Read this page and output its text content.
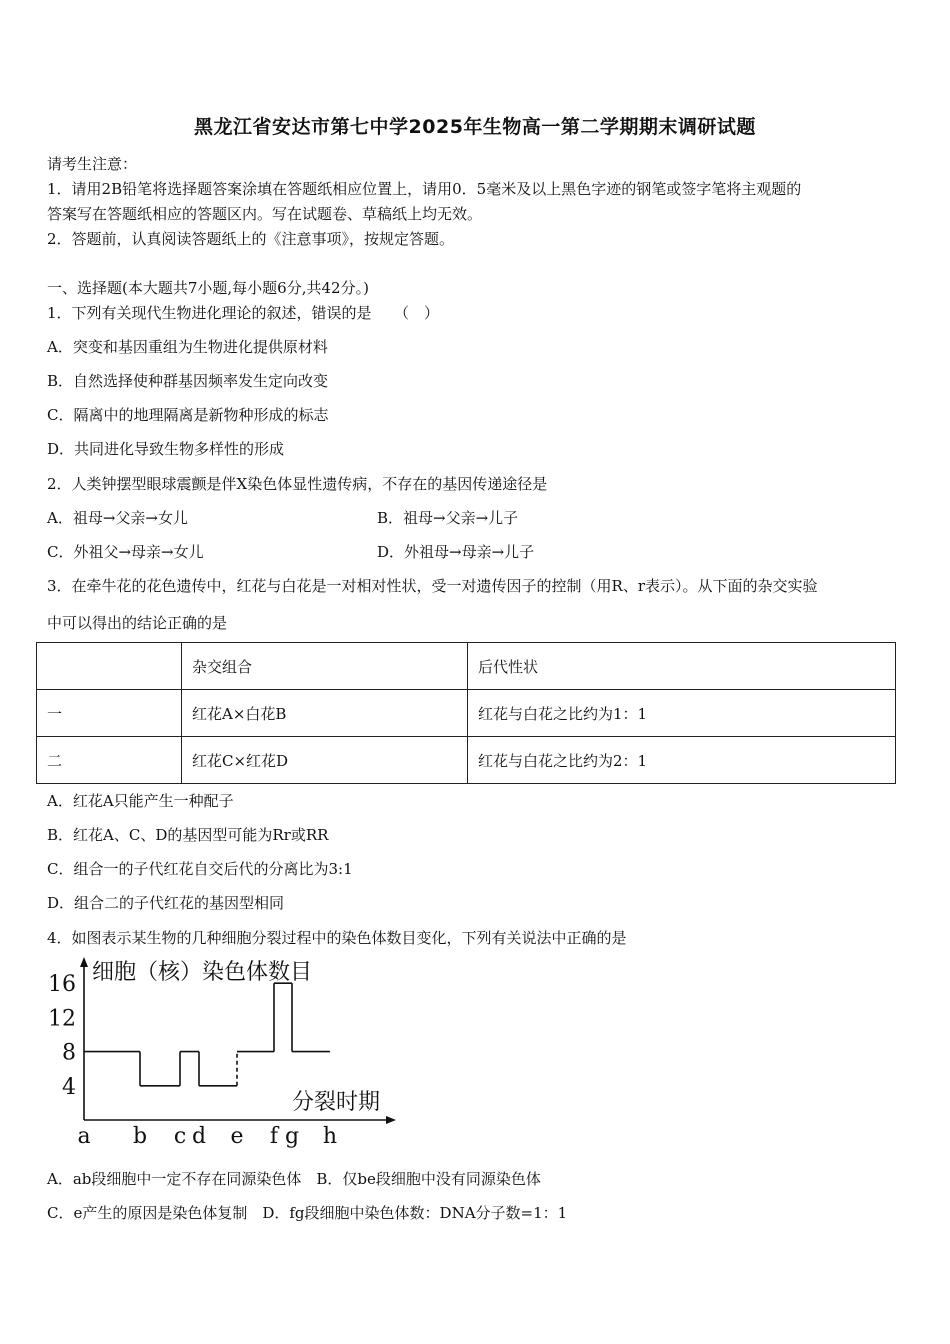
黑龙江省安达市第七中学2025年生物高一第二学期期末调研试题
请考生注意：
1．请用2B铅笔将选择题答案涂填在答题纸相应位置上，请用0．5毫米及以上黑色字迹的钢笔或签字笔将主观题的
答案写在答题纸相应的答题区内。写在试题卷、草稿纸上均无效。
2．答题前，认真阅读答题纸上的《注意事项》，按规定答题。
一、选择题(本大题共7小题,每小题6分,共42分。)
1．下列有关现代生物进化理论的叙述，错误的是　　（　）
A．突变和基因重组为生物进化提供原材料
B．自然选择使种群基因频率发生定向改变
C．隔离中的地理隔离是新物种形成的标志
D．共同进化导致生物多样性的形成
2．人类钟摆型眼球震颤是伴X染色体显性遗传病，不存在的基因传递途径是
A．祖母→父亲→女儿	B．祖母→父亲→儿子
C．外祖父→母亲→女儿	D．外祖母→母亲→儿子
3．在牵牛花的花色遗传中，红花与白花是一对相对性状，受一对遗传因子的控制（用R、r表示）。从下面的杂交实验
中可以得出的结论正确的是
	杂交组合	后代性状
一	红花A×白花B	红花与白花之比约为1：1
二	红花C×红花D	红花与白花之比约为2：1
A．红花A只能产生一种配子
B．红花A、C、D的基因型可能为Rr或RR
C．组合一的子代红花自交后代的分离比为3:1
D．组合二的子代红花的基因型相同
4．如图表示某生物的几种细胞分裂过程中的染色体数目变化，下列有关说法中正确的是
细胞（核）染色体数目
分裂时期
4
8
12
16
a b c d e f g h
A．ab段细胞中一定不存在同源染色体　B．仅be段细胞中没有同源染色体
C．e产生的原因是染色体复制　D．fg段细胞中染色体数：DNA分子数=1：1
